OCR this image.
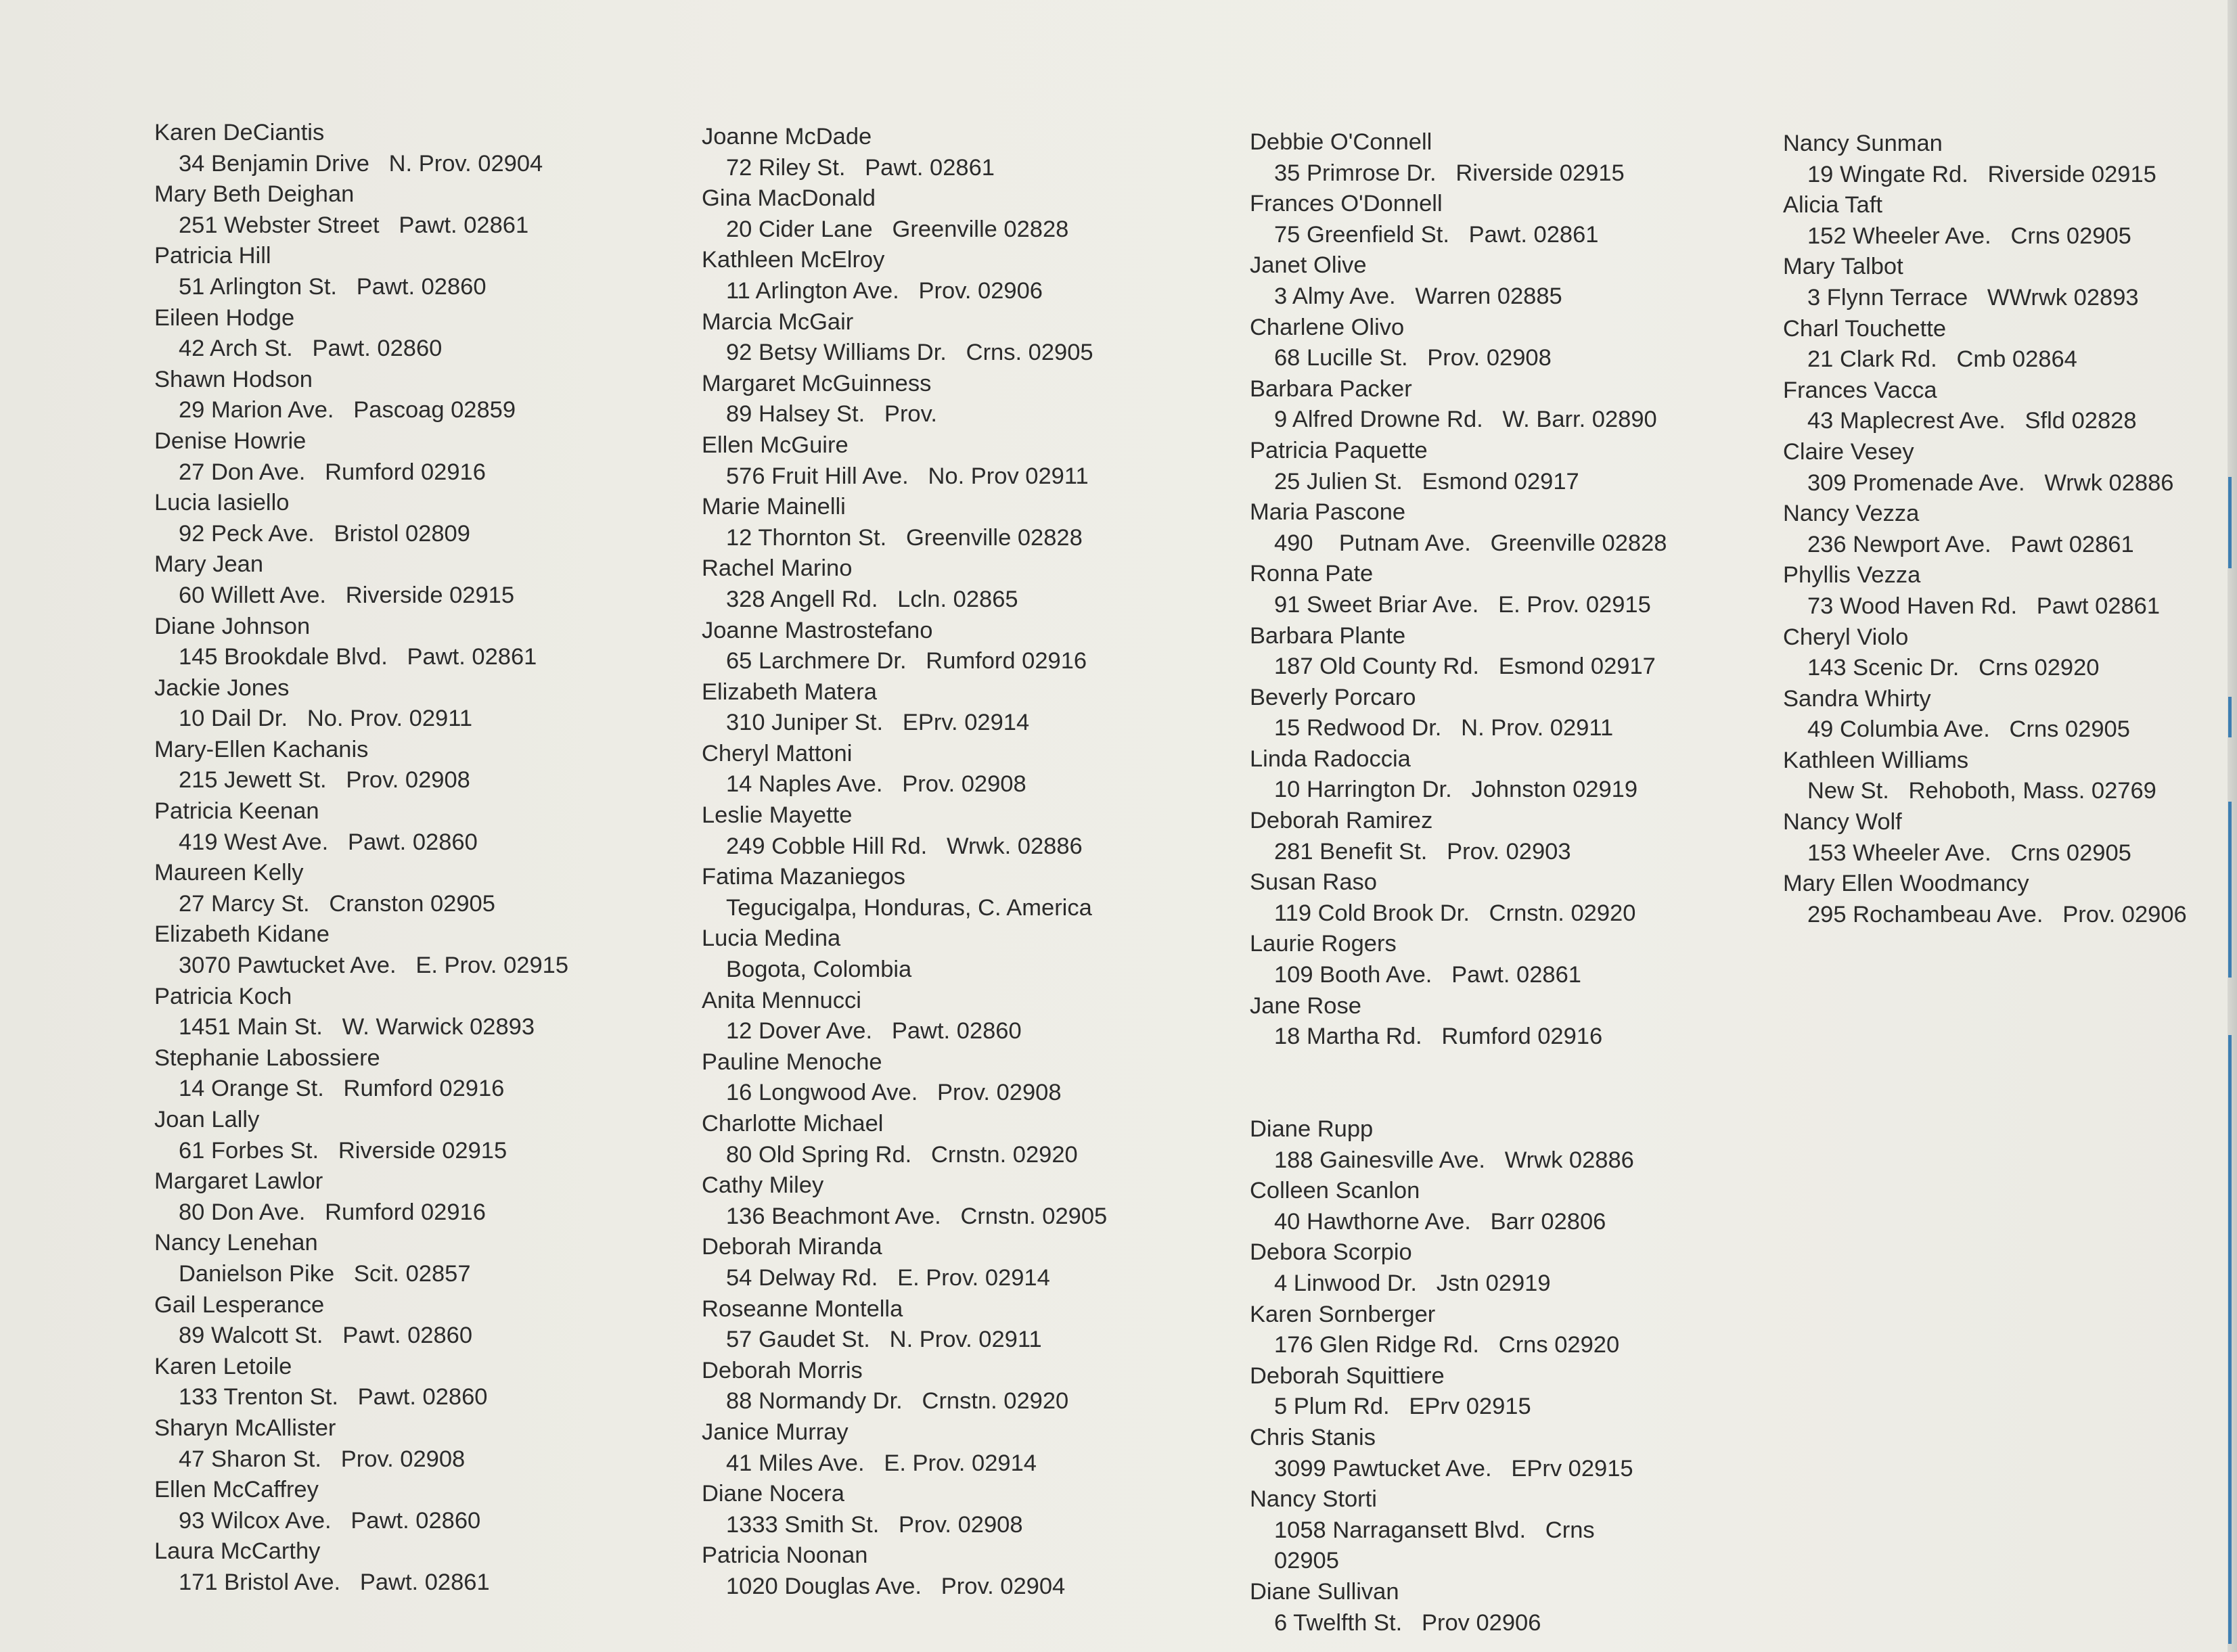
Karen DeCiantis
34 Benjamin Drive   N. Prov. 02904
Mary Beth Deighan
251 Webster Street   Pawt. 02861
Patricia Hill
51 Arlington St.   Pawt. 02860
Eileen Hodge
42 Arch St.   Pawt. 02860
Shawn Hodson
29 Marion Ave.   Pascoag 02859
Denise Howrie
27 Don Ave.   Rumford 02916
Lucia Iasiello
92 Peck Ave.   Bristol 02809
Mary Jean
60 Willett Ave.   Riverside 02915
Diane Johnson
145 Brookdale Blvd.   Pawt. 02861
Jackie Jones
10 Dail Dr.   No. Prov. 02911
Mary-Ellen Kachanis
215 Jewett St.   Prov. 02908
Patricia Keenan
419 West Ave.   Pawt. 02860
Maureen Kelly
27 Marcy St.   Cranston 02905
Elizabeth Kidane
3070 Pawtucket Ave.   E. Prov. 02915
Patricia Koch
1451 Main St.   W. Warwick 02893
Stephanie Labossiere
14 Orange St.   Rumford 02916
Joan Lally
61 Forbes St.   Riverside 02915
Margaret Lawlor
80 Don Ave.   Rumford 02916
Nancy Lenehan
Danielson Pike   Scit. 02857
Gail Lesperance
89 Walcott St.   Pawt. 02860
Karen Letoile
133 Trenton St.   Pawt. 02860
Sharyn McAllister
47 Sharon St.   Prov. 02908
Ellen McCaffrey
93 Wilcox Ave.   Pawt. 02860
Laura McCarthy
171 Bristol Ave.   Pawt. 02861
Joanne McDade
72 Riley St.   Pawt. 02861
Gina MacDonald
20 Cider Lane   Greenville 02828
Kathleen McElroy
11 Arlington Ave.   Prov. 02906
Marcia McGair
92 Betsy Williams Dr.   Crns. 02905
Margaret McGuinness
89 Halsey St.   Prov.
Ellen McGuire
576 Fruit Hill Ave.   No. Prov 02911
Marie Mainelli
12 Thornton St.   Greenville 02828
Rachel Marino
328 Angell Rd.   Lcln. 02865
Joanne Mastrostefano
65 Larchmere Dr.   Rumford 02916
Elizabeth Matera
310 Juniper St.   EPrv. 02914
Cheryl Mattoni
14 Naples Ave.   Prov. 02908
Leslie Mayette
249 Cobble Hill Rd.   Wrwk. 02886
Fatima Mazaniegos
Tegucigalpa, Honduras, C. America
Lucia Medina
Bogota, Colombia
Anita Mennucci
12 Dover Ave.   Pawt. 02860
Pauline Menoche
16 Longwood Ave.   Prov. 02908
Charlotte Michael
80 Old Spring Rd.   Crnstn. 02920
Cathy Miley
136 Beachmont Ave.   Crnstn. 02905
Deborah Miranda
54 Delway Rd.   E. Prov. 02914
Roseanne Montella
57 Gaudet St.   N. Prov. 02911
Deborah Morris
88 Normandy Dr.   Crnstn. 02920
Janice Murray
41 Miles Ave.   E. Prov. 02914
Diane Nocera
1333 Smith St.   Prov. 02908
Patricia Noonan
1020 Douglas Ave.   Prov. 02904
Debbie O'Connell
35 Primrose Dr.   Riverside 02915
Frances O'Donnell
75 Greenfield St.   Pawt. 02861
Janet Olive
3 Almy Ave.   Warren 02885
Charlene Olivo
68 Lucille St.   Prov. 02908
Barbara Packer
9 Alfred Drowne Rd.   W. Barr. 02890
Patricia Paquette
25 Julien St.   Esmond 02917
Maria Pascone
490    Putnam Ave.   Greenville 02828
Ronna Pate
91 Sweet Briar Ave.   E. Prov. 02915
Barbara Plante
187 Old County Rd.   Esmond 02917
Beverly Porcaro
15 Redwood Dr.   N. Prov. 02911
Linda Radoccia
10 Harrington Dr.   Johnston 02919
Deborah Ramirez
281 Benefit St.   Prov. 02903
Susan Raso
119 Cold Brook Dr.   Crnstn. 02920
Laurie Rogers
109 Booth Ave.   Pawt. 02861
Jane Rose
18 Martha Rd.   Rumford 02916
Diane Rupp
188 Gainesville Ave.   Wrwk 02886
Colleen Scanlon
40 Hawthorne Ave.   Barr 02806
Debora Scorpio
4 Linwood Dr.   Jstn 02919
Karen Sornberger
176 Glen Ridge Rd.   Crns 02920
Deborah Squittiere
5 Plum Rd.   EPrv 02915
Chris Stanis
3099 Pawtucket Ave.   EPrv 02915
Nancy Storti
1058 Narragansett Blvd.   Crns
02905
Diane Sullivan
6 Twelfth St.   Prov 02906
Nancy Sunman
19 Wingate Rd.   Riverside 02915
Alicia Taft
152 Wheeler Ave.   Crns 02905
Mary Talbot
3 Flynn Terrace   WWrwk 02893
Charl Touchette
21 Clark Rd.   Cmb 02864
Frances Vacca
43 Maplecrest Ave.   Sfld 02828
Claire Vesey
309 Promenade Ave.   Wrwk 02886
Nancy Vezza
236 Newport Ave.   Pawt 02861
Phyllis Vezza
73 Wood Haven Rd.   Pawt 02861
Cheryl Violo
143 Scenic Dr.   Crns 02920
Sandra Whirty
49 Columbia Ave.   Crns 02905
Kathleen Williams
New St.   Rehoboth, Mass. 02769
Nancy Wolf
153 Wheeler Ave.   Crns 02905
Mary Ellen Woodmancy
295 Rochambeau Ave.   Prov. 02906
